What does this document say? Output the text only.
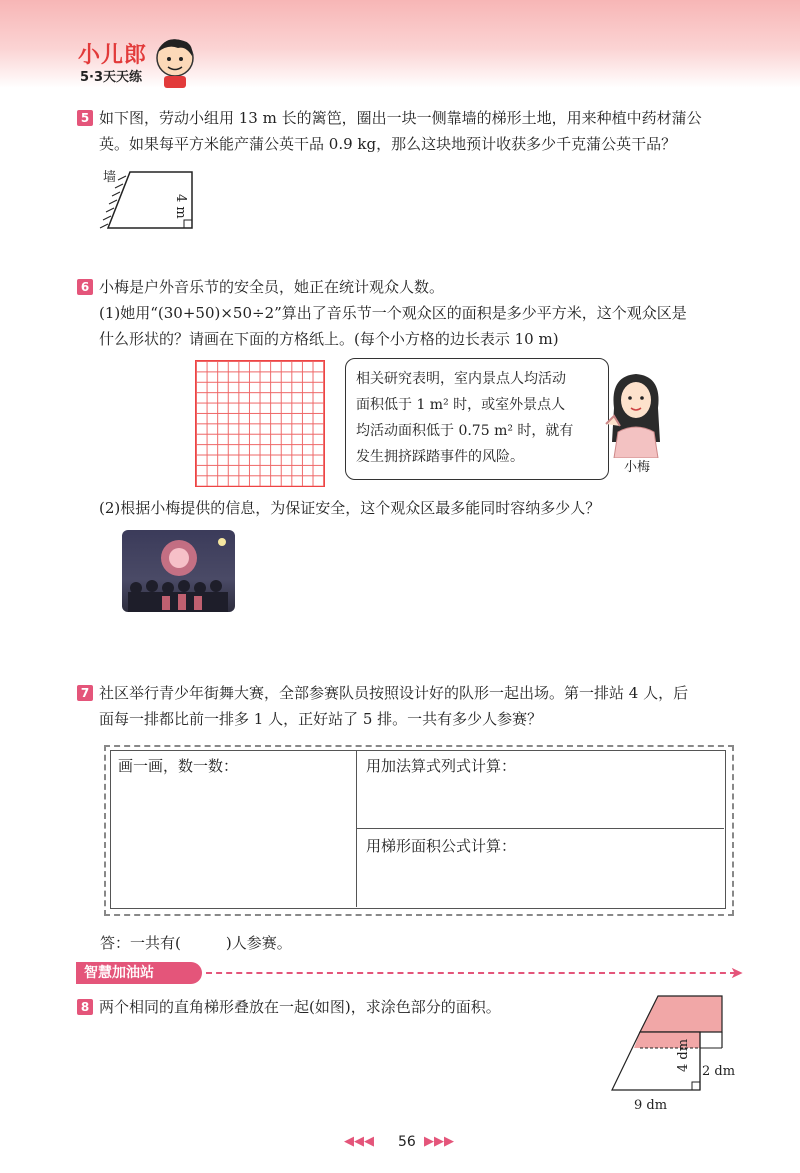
小儿郎
5·3天天练
5 如下图，劳动小组用 13 m 长的篱笆，圈出一块一侧靠墙的梯形土地，用来种植中药材蒲公
英。如果每平方米能产蒲公英干品 0.9 kg，那么这块地预计收获多少千克蒲公英干品？
墙
4 m
6 小梅是户外音乐节的安全员，她正在统计观众人数。
(1)她用“(30+50)×50÷2”算出了音乐节一个观众区的面积是多少平方米，这个观众区是
什么形状的？请画在下面的方格纸上。(每个小方格的边长表示 10 m)
相关研究表明，室内景点人均活动
面积低于 1 m² 时，或室外景点人
均活动面积低于 0.75 m² 时，就有
发生拥挤踩踏事件的风险。
小梅
(2)根据小梅提供的信息，为保证安全，这个观众区最多能同时容纳多少人？
7 社区举行青少年街舞大赛，全部参赛队员按照设计好的队形一起出场。第一排站 4 人，后
面每一排都比前一排多 1 人，正好站了 5 排。一共有多少人参赛？
画一画，数一数：	用加法算式列式计算：
用梯形面积公式计算：
答：一共有(　　　)人参赛。
智慧加油站	➤
8 两个相同的直角梯形叠放在一起(如图)，求涂色部分的面积。
4 dm 2 dm
9 dm
◀◀◀ 56 ▶▶▶
